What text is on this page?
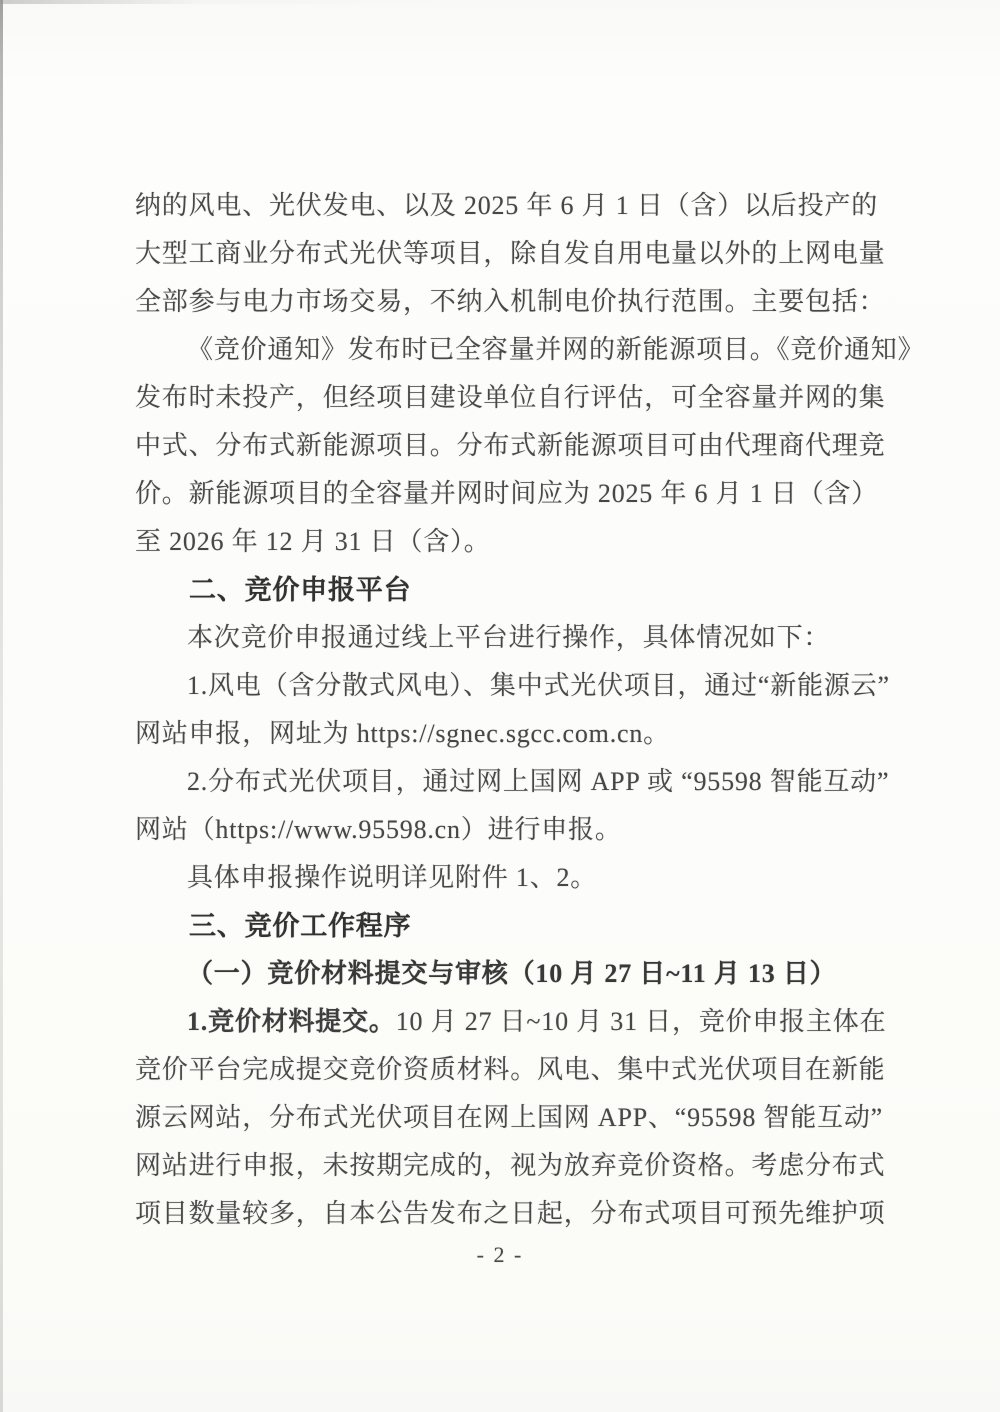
纳的风电、光伏发电、以及 2025 年 6 月 1 日（含）以后投产的

大型工商业分布式光伏等项目，除自发自用电量以外的上网电量

全部参与电力市场交易，不纳入机制电价执行范围。主要包括：

《竞价通知》发布时已全容量并网的新能源项目。《竞价通知》

发布时未投产，但经项目建设单位自行评估，可全容量并网的集

中式、分布式新能源项目。分布式新能源项目可由代理商代理竞

价。新能源项目的全容量并网时间应为 2025 年 6 月 1 日（含）

至 2026 年 12 月 31 日（含）。

二、竞价申报平台

本次竞价申报通过线上平台进行操作，具体情况如下：

1.风电（含分散式风电）、集中式光伏项目，通过“新能源云”

网站申报，网址为 https://sgnec.sgcc.com.cn。

2.分布式光伏项目，通过网上国网 APP 或 “95598 智能互动”

网站（https://www.95598.cn）进行申报。

具体申报操作说明详见附件 1、2。

三、竞价工作程序

（一）竞价材料提交与审核（10 月 27 日~11 月 13 日）

1.竞价材料提交。10 月 27 日~10 月 31 日，竞价申报主体在

竞价平台完成提交竞价资质材料。风电、集中式光伏项目在新能

源云网站，分布式光伏项目在网上国网 APP、“95598 智能互动”

网站进行申报，未按期完成的，视为放弃竞价资格。考虑分布式

项目数量较多，自本公告发布之日起，分布式项目可预先维护项

- 2 -
